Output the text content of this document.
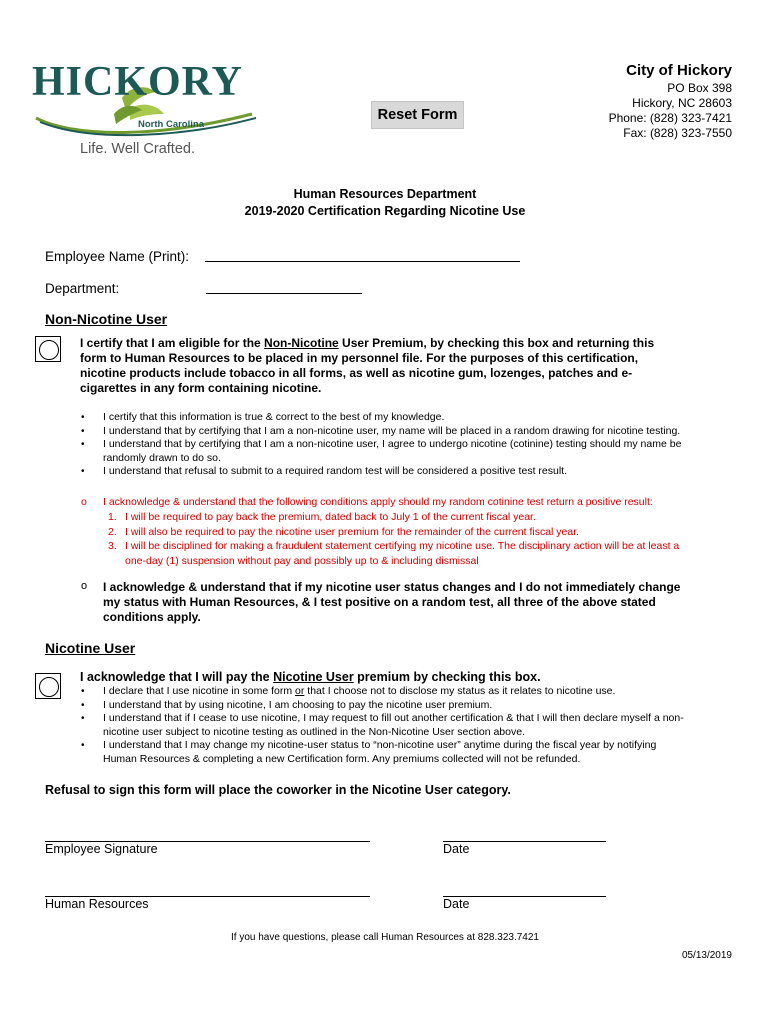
HICKORY
North Carolina
Life. Well Crafted.
Reset Form
City of Hickory
PO Box 398
Hickory, NC 28603
Phone: (828) 323-7421
Fax: (828) 323-7550
Human Resources Department
2019-2020 Certification Regarding Nicotine Use
Employee Name (Print):
Department:
Non-Nicotine User
I certify that I am eligible for the Non-Nicotine User Premium, by checking this box and returning this
form to Human Resources to be placed in my personnel file. For the purposes of this certification,
nicotine products include tobacco in all forms, as well as nicotine gum, lozenges, patches and e-
cigarettes in any form containing nicotine.
• I certify that this information is true & correct to the best of my knowledge.
• I understand that by certifying that I am a non-nicotine user, my name will be placed in a random drawing for nicotine testing.
• I understand that by certifying that I am a non-nicotine user, I agree to undergo nicotine (cotinine) testing should my name be randomly drawn to do so.
• I understand that refusal to submit to a required random test will be considered a positive test result.
o I acknowledge & understand that the following conditions apply should my random cotinine test return a positive result:
1. I will be required to pay back the premium, dated back to July 1 of the current fiscal year.
2. I will also be required to pay the nicotine user premium for the remainder of the current fiscal year.
3. I will be disciplined for making a fraudulent statement certifying my nicotine use. The disciplinary action will be at least a one-day (1) suspension without pay and possibly up to & including dismissal
o I acknowledge & understand that if my nicotine user status changes and I do not immediately change my status with Human Resources, & I test positive on a random test, all three of the above stated conditions apply.
Nicotine User
I acknowledge that I will pay the Nicotine User premium by checking this box.
• I declare that I use nicotine in some form or that I choose not to disclose my status as it relates to nicotine use.
• I understand that by using nicotine, I am choosing to pay the nicotine user premium.
• I understand that if I cease to use nicotine, I may request to fill out another certification & that I will then declare myself a non-nicotine user subject to nicotine testing as outlined in the Non-Nicotine User section above.
• I understand that I may change my nicotine-user status to “non-nicotine user” anytime during the fiscal year by notifying Human Resources & completing a new Certification form. Any premiums collected will not be refunded.
Refusal to sign this form will place the coworker in the Nicotine User category.
Employee Signature	Date
Human Resources	Date
If you have questions, please call Human Resources at 828.323.7421
05/13/2019
